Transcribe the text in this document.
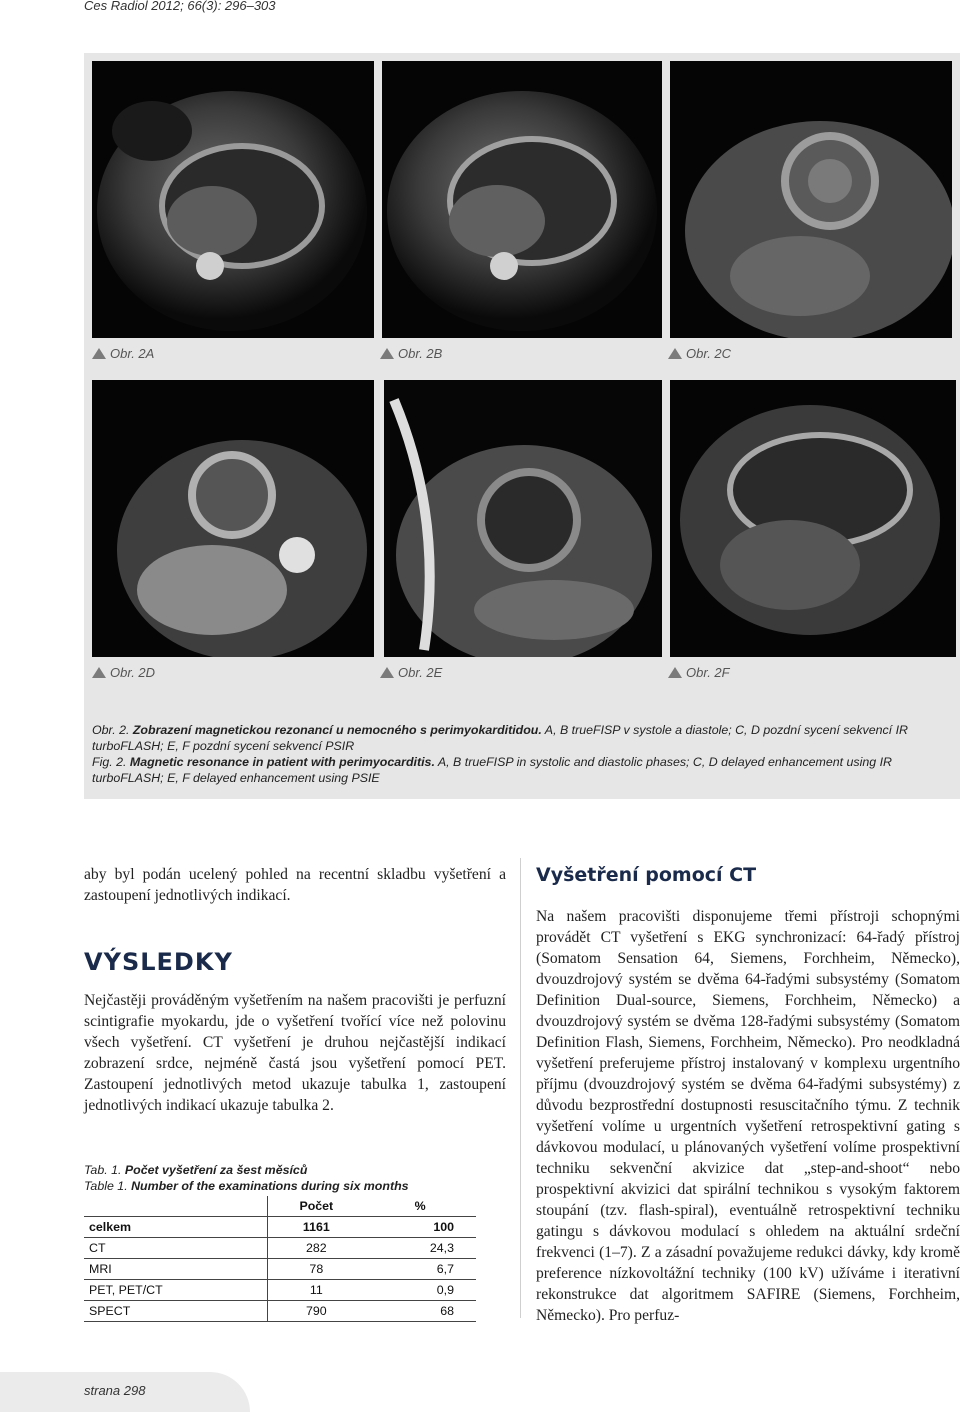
Ces Radiol 2012; 66(3): 296–303
Obr. 2A	Obr. 2B	Obr. 2C
Obr. 2D	Obr. 2E	Obr. 2F

Obr. 2. Zobrazení magnetickou rezonancí u nemocného s perimyokarditidou. A, B trueFISP v systole a diastole; C, D pozdní sycení sekvencí IR turboFLASH; E, F pozdní sycení sekvencí PSIR

Fig. 2. Magnetic resonance in patient with perimyocarditis. A, B trueFISP in systolic and diastolic phases; C, D delayed enhancement using IR turboFLASH; E, F delayed enhancement using PSIE

aby byl podán ucelený pohled na recentní skladbu vyšetření a zastoupení jednotlivých indikací.

VÝSLEDKY

Nejčastěji prováděným vyšetřením na našem pracovišti je perfuzní scintigrafie myokardu, jde o vyšetření tvořící více než polovinu všech vyšetření. CT vyšetření je druhou nejčastější indikací zobrazení srdce, nejméně častá jsou vyšetření pomocí PET. Zastoupení jednotlivých metod ukazuje tabulka 1, zastoupení jednotlivých indikací ukazuje tabulka 2.

Tab. 1. Počet vyšetření za šest měsíců
Table 1. Number of the examinations during six months
	Počet	%
celkem	1161	100
CT	282	24,3
MRI	78	6,7
PET, PET/CT	11	0,9
SPECT	790	68
Vyšetření pomocí CT

Na našem pracovišti disponujeme třemi přístroji schopnými provádět CT vyšetření s EKG synchronizací: 64-řadý přístroj (Somatom Sensation 64, Siemens, Forchheim, Německo), dvouzdrojový systém se dvěma 64-řadými subsystémy (Somatom Definition Dual-source, Siemens, Forchheim, Německo) a dvouzdrojový systém se dvěma 128-řadými subsystémy (Somatom Definition Flash, Siemens, Forchheim, Německo). Pro neodkladná vyšetření preferujeme přístroj instalovaný v komplexu urgentního příjmu (dvouzdrojový systém se dvěma 64-řadými subsystémy) z důvodu bezprostřední dostupnosti resuscitačního týmu. Z technik vyšetření volíme u urgentních vyšetření retrospektivní gating s dávkovou modulací, u plánovaných vyšetření volíme prospektivní techniku sekvenční akvizice dat „step-and-shoot“ nebo prospektivní akvizici dat spirální technikou s vysokým faktorem stoupání (tzv. flash-spiral), eventuálně retrospektivní techniku gatingu s dávkovou modulací s ohledem na aktuální srdeční frekvenci (1–7). Z a zásadní považujeme redukci dávky, kdy kromě preference nízkovoltážní techniky (100 kV) užíváme i iterativní rekonstrukce dat algoritmem SAFIRE (Siemens, Forchheim, Německo). Pro perfuz-

strana 298
